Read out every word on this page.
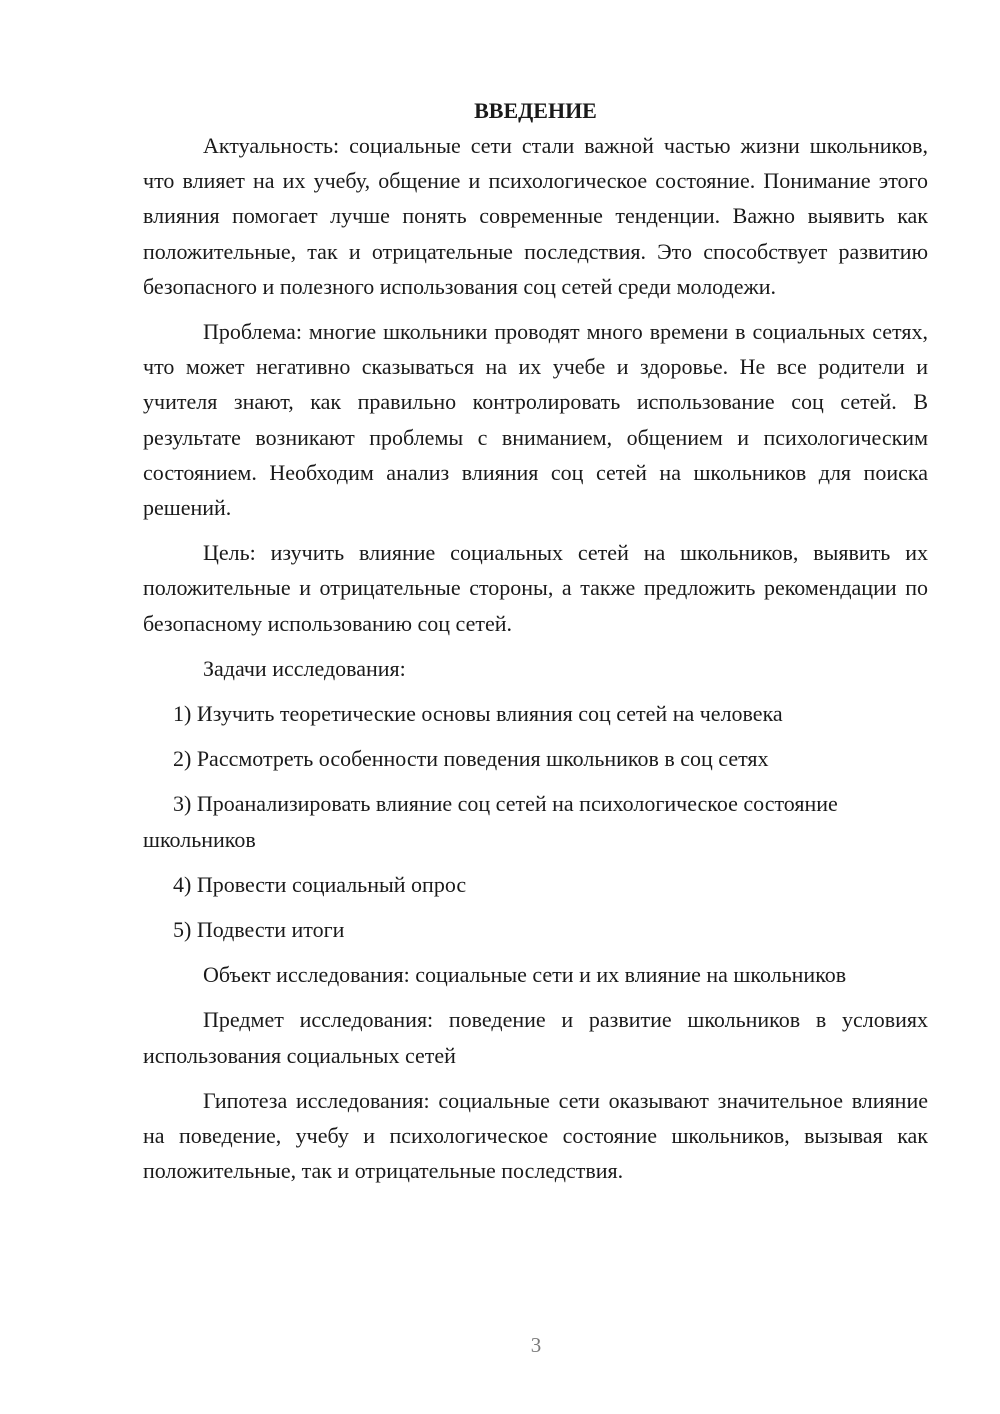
ВВЕДЕНИЕ

Актуальность: социальные сети стали важной частью жизни школьников, что влияет на их учебу, общение и психологическое состояние. Понимание этого влияния помогает лучше понять современные тенденции. Важно выявить как положительные, так и отрицательные последствия. Это способствует развитию безопасного и полезного использования соц сетей среди молодежи.

Проблема: многие школьники проводят много времени в социальных сетях, что может негативно сказываться на их учебе и здоровье. Не все родители и учителя знают, как правильно контролировать использование соц сетей. В результате возникают проблемы с вниманием, общением и психологическим состоянием. Необходим анализ влияния соц сетей на школьников для поиска решений.

Цель: изучить влияние социальных сетей на школьников, выявить их положительные и отрицательные стороны, а также предложить рекомендации по безопасному использованию соц сетей.

Задачи исследования:

1) Изучить теоретические основы влияния соц сетей на человека

2) Рассмотреть особенности поведения школьников в соц сетях

3) Проанализировать влияние соц сетей на психологическое состояние школьников

4) Провести социальный опрос

5) Подвести итоги

Объект исследования: социальные сети и их влияние на школьников

Предмет исследования: поведение и развитие школьников в условиях использования социальных сетей

Гипотеза исследования: социальные сети оказывают значительное влияние на поведение, учебу и психологическое состояние школьников, вызывая как положительные, так и отрицательные последствия.

3
